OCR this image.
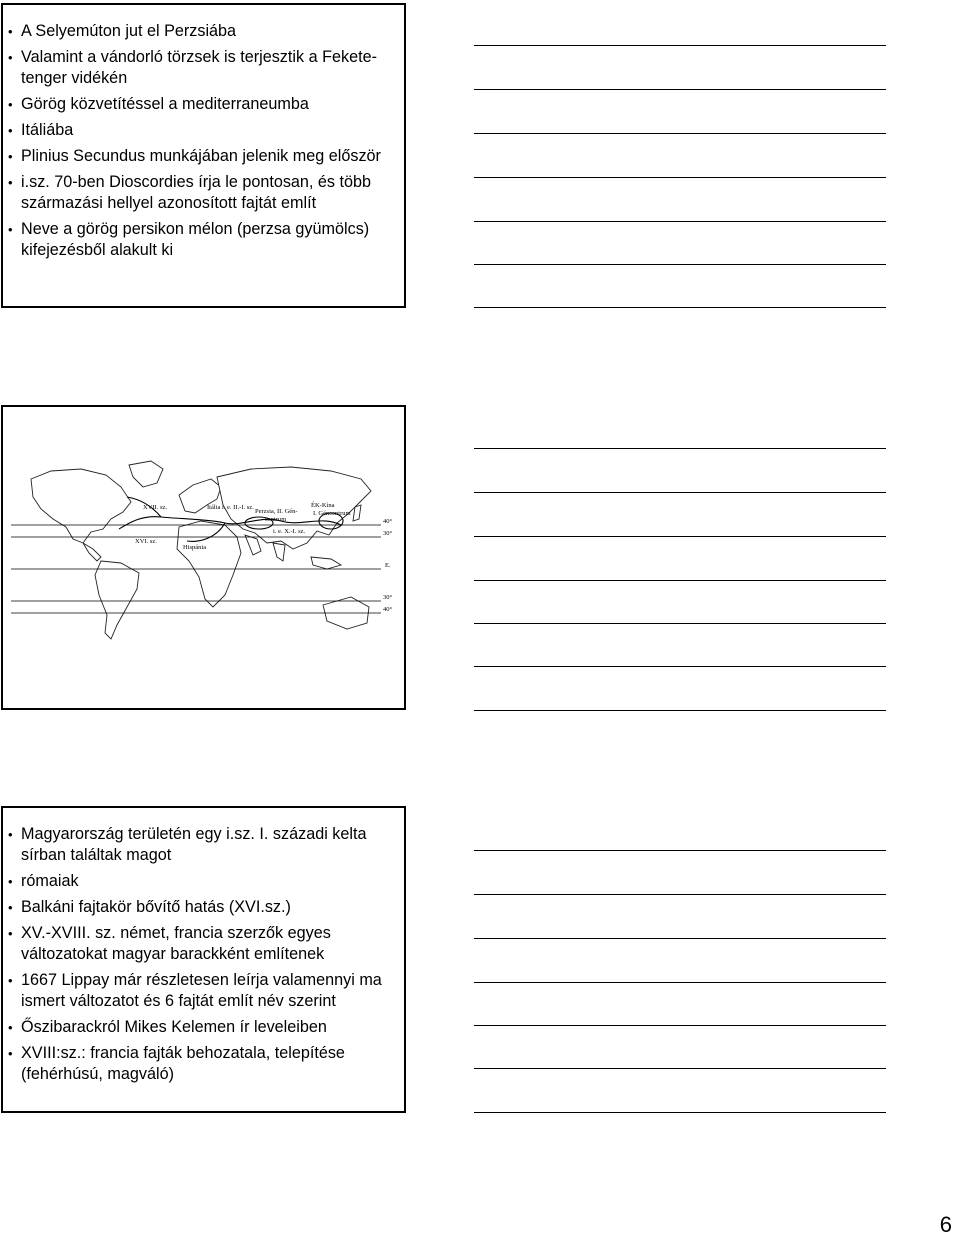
• A Selyemúton jut el Perzsiába
• Valamint a vándorló törzsek is terjesztik a Fekete-tenger vidékén
• Görög közvetítéssel a mediterraneumba
• Itáliába
• Plinius Secundus munkájában jelenik meg először
• i.sz. 70-ben Dioscordies írja le pontosan, és több származási hellyel azonosított fajtát említ
• Neve a görög persikon mélon (perzsa gyümölcs) kifejezésből alakult ki
XVII. sz.	Itália i. e. II.-I. sz.
Perzsia, II. Gén-
centrum
ÉK-Kína
I. Géncentrum
i. e. X.-I. sz.
XVI. sz.
Hispánia
40°
30°
E.
30°
40°
• Magyarország területén egy i.sz. I. századi kelta sírban találtak magot
• rómaiak
• Balkáni fajtakör bővítő hatás (XVI.sz.)
• XV.-XVIII. sz. német, francia szerzők egyes változatokat magyar barackként említenek
• 1667 Lippay már részletesen leírja valamennyi ma ismert változatot és 6 fajtát említ név szerint
• Őszibarackról Mikes Kelemen ír leveleiben
• XVIII:sz.: francia fajták behozatala, telepítése (fehérhúsú, magváló)
6
